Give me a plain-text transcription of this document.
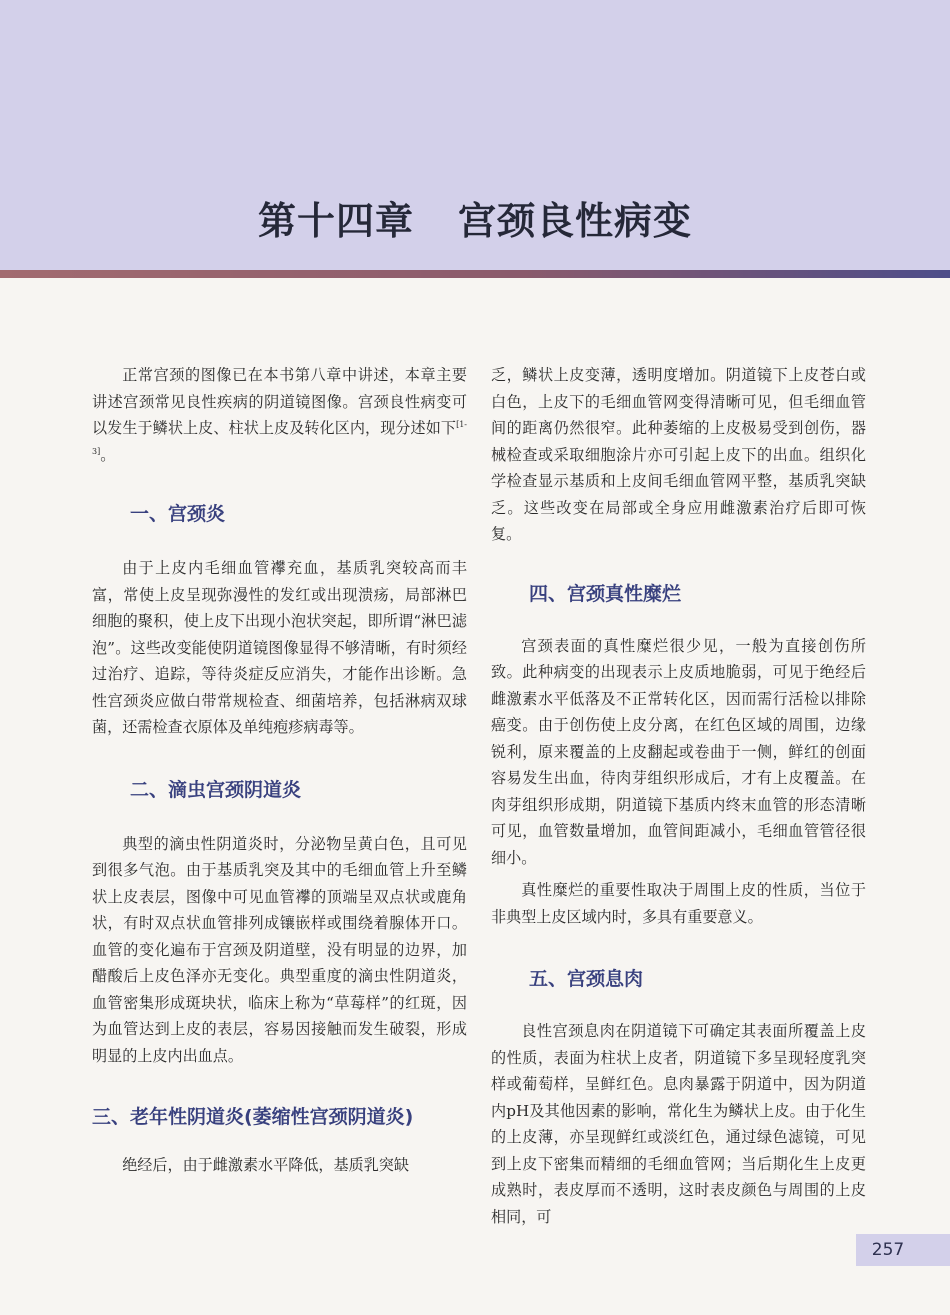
第十四章 宫颈良性病变

正常宫颈的图像已在本书第八章中讲述，本章主要讲述宫颈常见良性疾病的阴道镜图像。宫颈良性病变可以发生于鳞状上皮、柱状上皮及转化区内，现分述如下[1-3]。

一、宫颈炎

由于上皮内毛细血管襻充血，基质乳突较高而丰富，常使上皮呈现弥漫性的发红或出现溃疡，局部淋巴细胞的聚积，使上皮下出现小泡状突起，即所谓“淋巴滤泡”。这些改变能使阴道镜图像显得不够清晰，有时须经过治疗、追踪，等待炎症反应消失，才能作出诊断。急性宫颈炎应做白带常规检查、细菌培养，包括淋病双球菌，还需检查衣原体及单纯疱疹病毒等。

二、滴虫宫颈阴道炎

典型的滴虫性阴道炎时，分泌物呈黄白色，且可见到很多气泡。由于基质乳突及其中的毛细血管上升至鳞状上皮表层，图像中可见血管襻的顶端呈双点状或鹿角状，有时双点状血管排列成镶嵌样或围绕着腺体开口。血管的变化遍布于宫颈及阴道壁，没有明显的边界，加醋酸后上皮色泽亦无变化。典型重度的滴虫性阴道炎，血管密集形成斑块状，临床上称为“草莓样”的红斑，因为血管达到上皮的表层，容易因接触而发生破裂，形成明显的上皮内出血点。

三、老年性阴道炎(萎缩性宫颈阴道炎)

绝经后，由于雌激素水平降低，基质乳突缺

乏，鳞状上皮变薄，透明度增加。阴道镜下上皮苍白或白色，上皮下的毛细血管网变得清晰可见，但毛细血管间的距离仍然很窄。此种萎缩的上皮极易受到创伤，器械检查或采取细胞涂片亦可引起上皮下的出血。组织化学检查显示基质和上皮间毛细血管网平整，基质乳突缺乏。这些改变在局部或全身应用雌激素治疗后即可恢复。

四、宫颈真性糜烂

宫颈表面的真性糜烂很少见，一般为直接创伤所致。此种病变的出现表示上皮质地脆弱，可见于绝经后雌激素水平低落及不正常转化区，因而需行活检以排除癌变。由于创伤使上皮分离，在红色区域的周围，边缘锐利，原来覆盖的上皮翻起或卷曲于一侧，鲜红的创面容易发生出血，待肉芽组织形成后，才有上皮覆盖。在肉芽组织形成期，阴道镜下基质内终末血管的形态清晰可见，血管数量增加，血管间距减小，毛细血管管径很细小。

真性糜烂的重要性取决于周围上皮的性质，当位于非典型上皮区域内时，多具有重要意义。

五、宫颈息肉

良性宫颈息肉在阴道镜下可确定其表面所覆盖上皮的性质，表面为柱状上皮者，阴道镜下多呈现轻度乳突样或葡萄样，呈鲜红色。息肉暴露于阴道中，因为阴道内pH及其他因素的影响，常化生为鳞状上皮。由于化生的上皮薄，亦呈现鲜红或淡红色，通过绿色滤镜，可见到上皮下密集而精细的毛细血管网；当后期化生上皮更成熟时，表皮厚而不透明，这时表皮颜色与周围的上皮相同，可

257
